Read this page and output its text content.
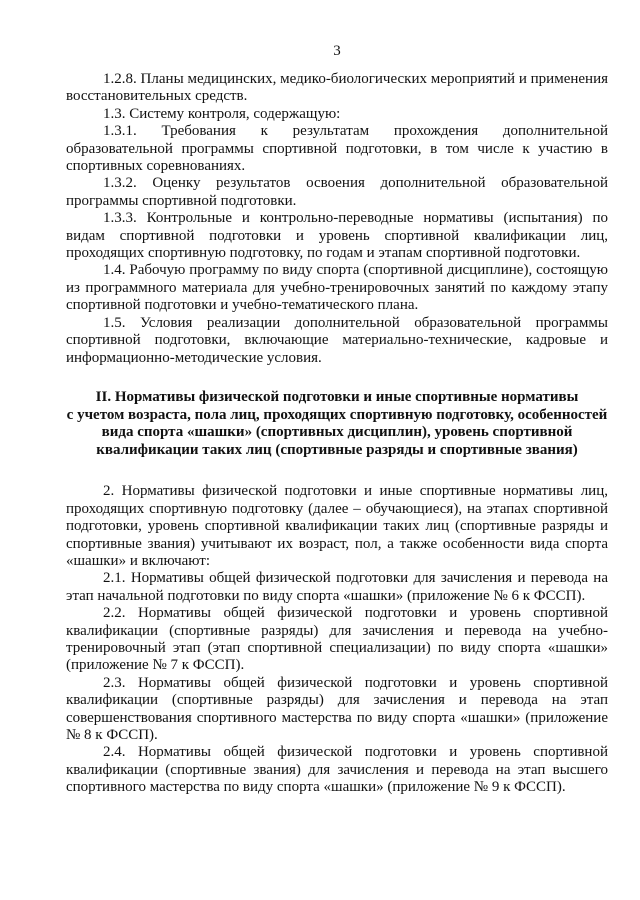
3

1.2.8. Планы медицинских, медико-биологических мероприятий и применения восстановительных средств.

1.3. Систему контроля, содержащую:

1.3.1. Требования к результатам прохождения дополнительной образовательной программы спортивной подготовки, в том числе к участию в спортивных соревнованиях.

1.3.2. Оценку результатов освоения дополнительной образовательной программы спортивной подготовки.

1.3.3. Контрольные и контрольно-переводные нормативы (испытания) по видам спортивной подготовки и уровень спортивной квалификации лиц, проходящих спортивную подготовку, по годам и этапам спортивной подготовки.

1.4. Рабочую программу по виду спорта (спортивной дисциплине), состоящую из программного материала для учебно-тренировочных занятий по каждому этапу спортивной подготовки и учебно-тематического плана.

1.5. Условия реализации дополнительной образовательной программы спортивной подготовки, включающие материально-технические, кадровые и информационно-методические условия.

II. Нормативы физической подготовки и иные спортивные нормативы
с учетом возраста, пола лиц, проходящих спортивную подготовку, особенностей
вида спорта «шашки» (спортивных дисциплин), уровень спортивной
квалификации таких лиц (спортивные разряды и спортивные звания)

2. Нормативы физической подготовки и иные спортивные нормативы лиц, проходящих спортивную подготовку (далее – обучающиеся), на этапах спортивной подготовки, уровень спортивной квалификации таких лиц (спортивные разряды и спортивные звания) учитывают их возраст, пол, а также особенности вида спорта «шашки» и включают:

2.1. Нормативы общей физической подготовки для зачисления и перевода на этап начальной подготовки по виду спорта «шашки» (приложение № 6 к ФССП).

2.2. Нормативы общей физической подготовки и уровень спортивной квалификации (спортивные разряды) для зачисления и перевода на учебно-тренировочный этап (этап спортивной специализации) по виду спорта «шашки» (приложение № 7 к ФССП).

2.3. Нормативы общей физической подготовки и уровень спортивной квалификации (спортивные разряды) для зачисления и перевода на этап совершенствования спортивного мастерства по виду спорта «шашки» (приложение № 8 к ФССП).

2.4. Нормативы общей физической подготовки и уровень спортивной квалификации (спортивные звания) для зачисления и перевода на этап высшего спортивного мастерства по виду спорта «шашки» (приложение № 9 к ФССП).
